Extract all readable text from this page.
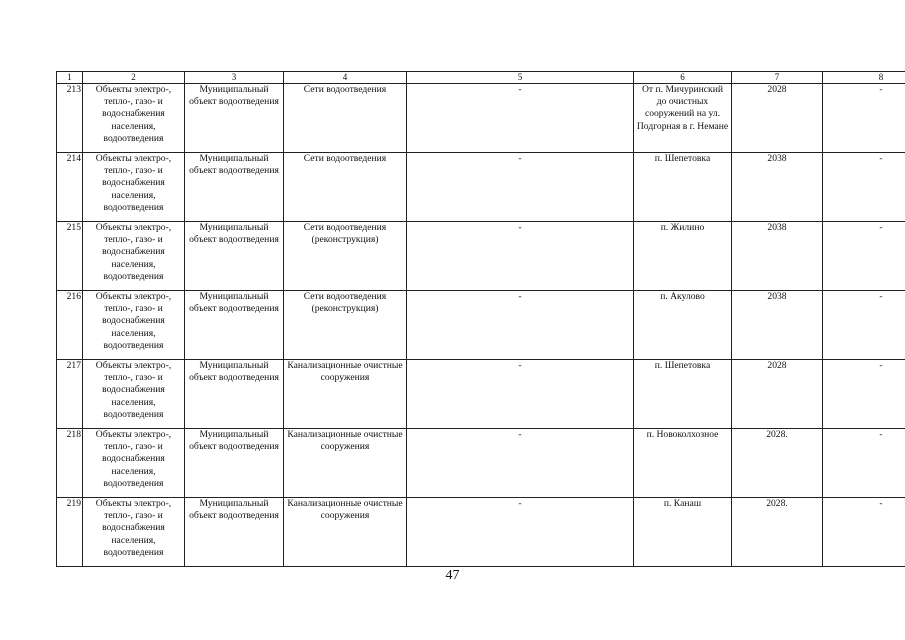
1	2	3	4	5	6	7	8
213	Объекты электро-, тепло-, газо- и водоснабжения населения, водоотведения	Муниципальный объект водоотведения	Сети водоотведения	-	От п. Мичуринский до очистных сооружений на ул. Подгорная в г. Немане	2028	-
214	Объекты электро-, тепло-, газо- и водоснабжения населения, водоотведения	Муниципальный объект водоотведения	Сети водоотведения	-	п. Шепетовка	2038	-
215	Объекты электро-, тепло-, газо- и водоснабжения населения, водоотведения	Муниципальный объект водоотведения	Сети водоотведения (реконструкция)	-	п. Жилино	2038	-
216	Объекты электро-, тепло-, газо- и водоснабжения населения, водоотведения	Муниципальный объект водоотведения	Сети водоотведения (реконструкция)	-	п. Акулово	2038	-
217	Объекты электро-, тепло-, газо- и водоснабжения населения, водоотведения	Муниципальный объект водоотведения	Канализационные очистные сооружения	-	п. Шепетовка	2028	-
218	Объекты электро-, тепло-, газо- и водоснабжения населения, водоотведения	Муниципальный объект водоотведения	Канализационные очистные сооружения	-	п. Новоколхозное	2028.	-
219	Объекты электро-, тепло-, газо- и водоснабжения населения, водоотведения	Муниципальный объект водоотведения	Канализационные очистные сооружения	-	п. Канаш	2028.	-
47
